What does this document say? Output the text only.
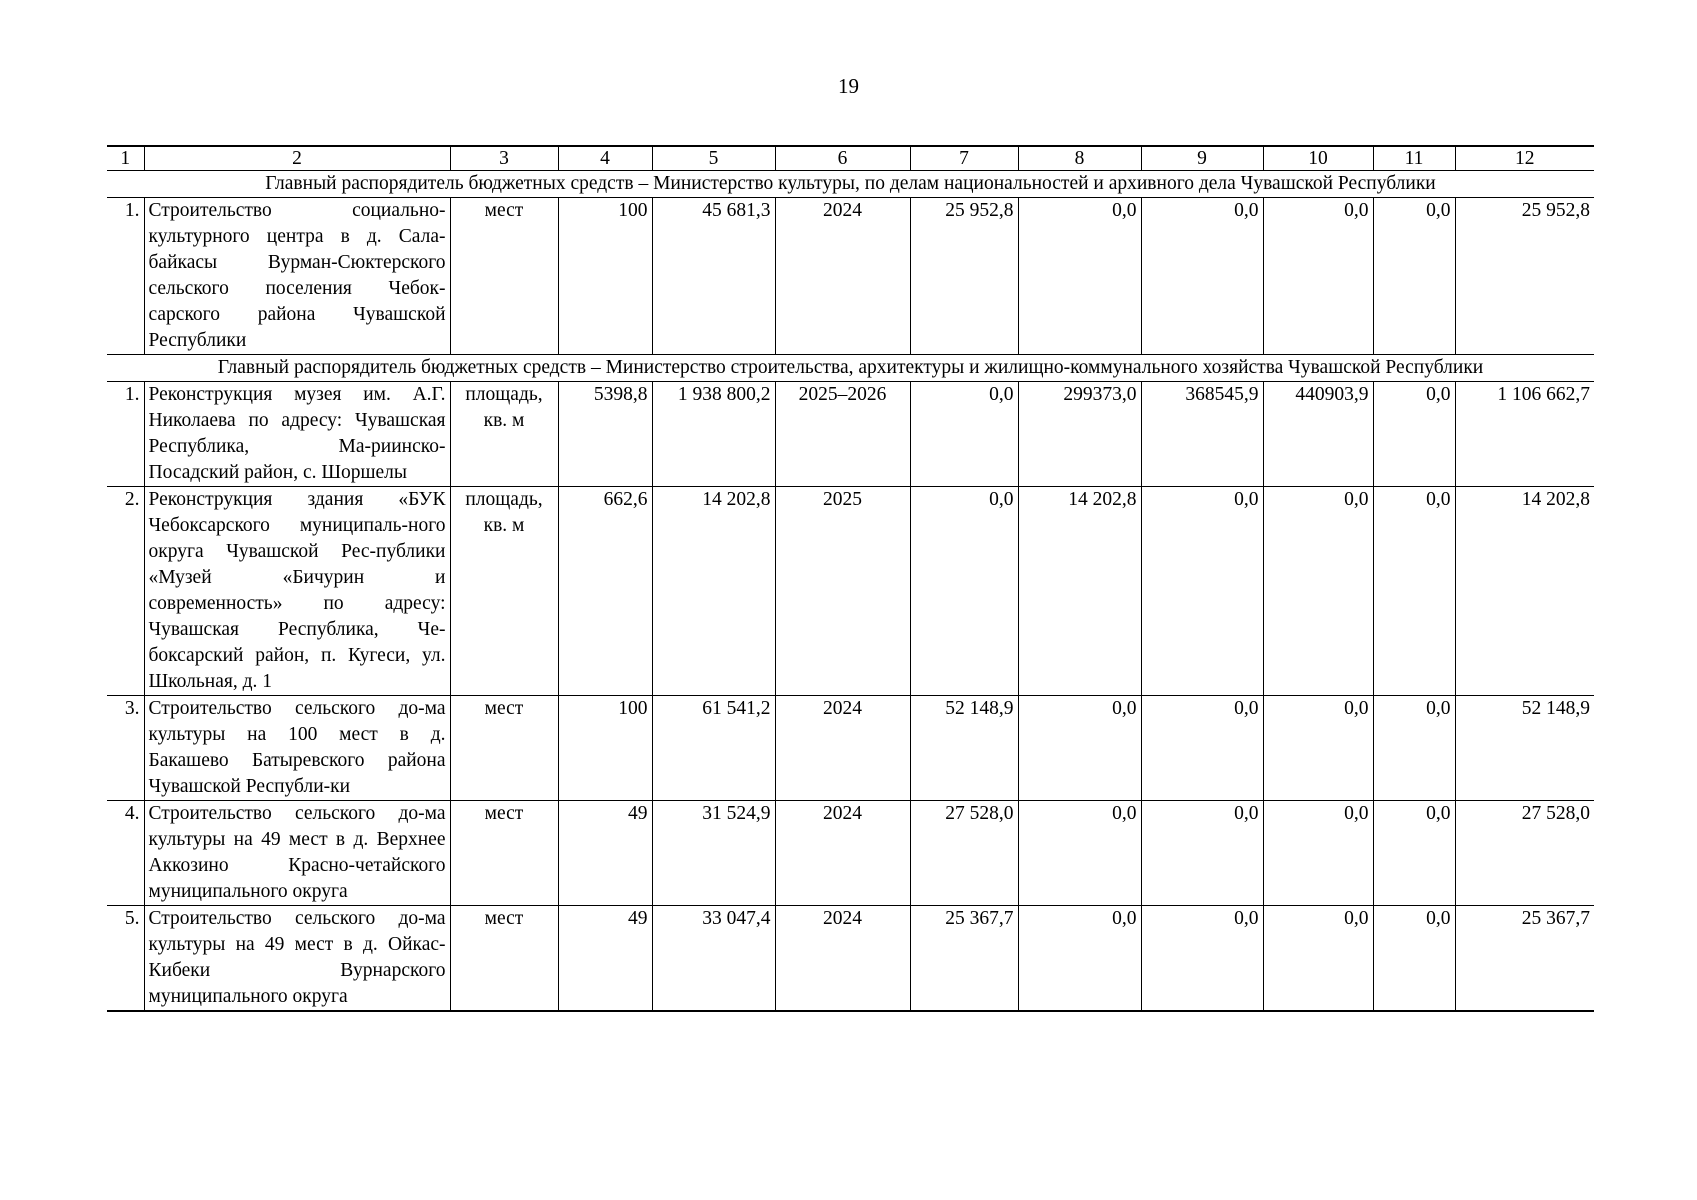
19
1	2	3	4	5	6	7	8	9	10	11	12
Главный распорядитель бюджетных средств – Министерство культуры, по делам национальностей и архивного дела Чувашской Республики											
1.	Строительство социально-культурного центра в д. Сала-байкасы Вурман-Сюктерского сельского поселения Чебок-сарского района Чувашской Республики	мест	100	45 681,3	2024	25 952,8	0,0	0,0	0,0	0,0	25 952,8
Главный распорядитель бюджетных средств – Министерство строительства, архитектуры и жилищно-коммунального хозяйства Чувашской Республики											
1.	Реконструкция музея им. А.Г. Николаева по адресу: Чувашская Республика, Ма-риинско-Посадский район, с. Шоршелы	площадь, кв. м	5398,8	1 938 800,2	2025–2026	0,0	299373,0	368545,9	440903,9	0,0	1 106 662,7
2.	Реконструкция здания «БУК Чебоксарского муниципаль-ного округа Чувашской Рес-публики «Музей «Бичурин и современность» по адресу: Чувашская Республика, Че-боксарский район, п. Кугеси, ул. Школьная, д. 1	площадь, кв. м	662,6	14 202,8	2025	0,0	14 202,8	0,0	0,0	0,0	14 202,8
3.	Строительство сельского до-ма культуры на 100 мест в д. Бакашево Батыревского района Чувашской Республи-ки	мест	100	61 541,2	2024	52 148,9	0,0	0,0	0,0	0,0	52 148,9
4.	Строительство сельского до-ма культуры на 49 мест в д. Верхнее Аккозино Красно-четайского муниципального округа	мест	49	31 524,9	2024	27 528,0	0,0	0,0	0,0	0,0	27 528,0
5.	Строительство сельского до-ма культуры на 49 мест в д. Ойкас-Кибеки Вурнарского муниципального округа	мест	49	33 047,4	2024	25 367,7	0,0	0,0	0,0	0,0	25 367,7
